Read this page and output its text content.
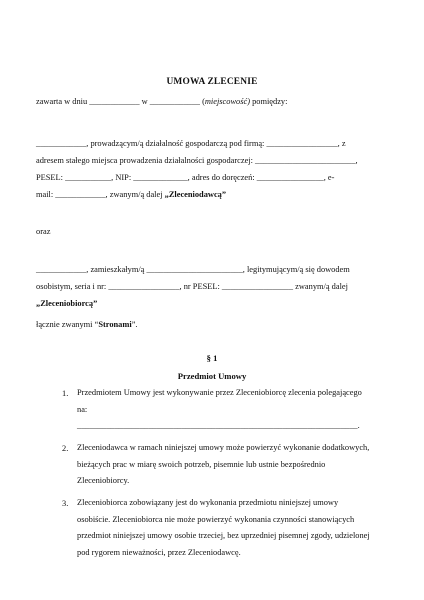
UMOWA ZLECENIE
zawarta w dniu ____________ w ____________ (miejscowość) pomiędzy:
____________, prowadzącym/ą działalność gospodarczą pod firmą: _________________, z
adresem stałego miejsca prowadzenia działalności gospodarczej: ________________________,
PESEL: ___________, NIP: _____________, adres do doręczeń: ________________, e-
mail: ____________, zwanym/ą dalej „Zleceniodawcą”
oraz
____________, zamieszkałym/ą _______________________, legitymującym/ą się dowodem
osobistym, seria i nr: _________________, nr PESEL: _________________ zwanym/ą dalej
„Zleceniobiorcą”
łącznie zwanymi “Stronami”.
§ 1
Przedmiot Umowy
1. Przedmiotem Umowy jest wykonywanie przez Zleceniobiorcę zlecenia polegającego
na:
___________________________________________________________________.
2. Zleceniodawca w ramach niniejszej umowy może powierzyć wykonanie dodatkowych,
bieżących prac w miarę swoich potrzeb, pisemnie lub ustnie bezpośrednio
Zleceniobiorcy.
3. Zleceniobiorca zobowiązany jest do wykonania przedmiotu niniejszej umowy
osobiście. Zleceniobiorca nie może powierzyć wykonania czynności stanowiących
przedmiot niniejszej umowy osobie trzeciej, bez uprzedniej pisemnej zgody, udzielonej
pod rygorem nieważności, przez Zleceniodawcę.
